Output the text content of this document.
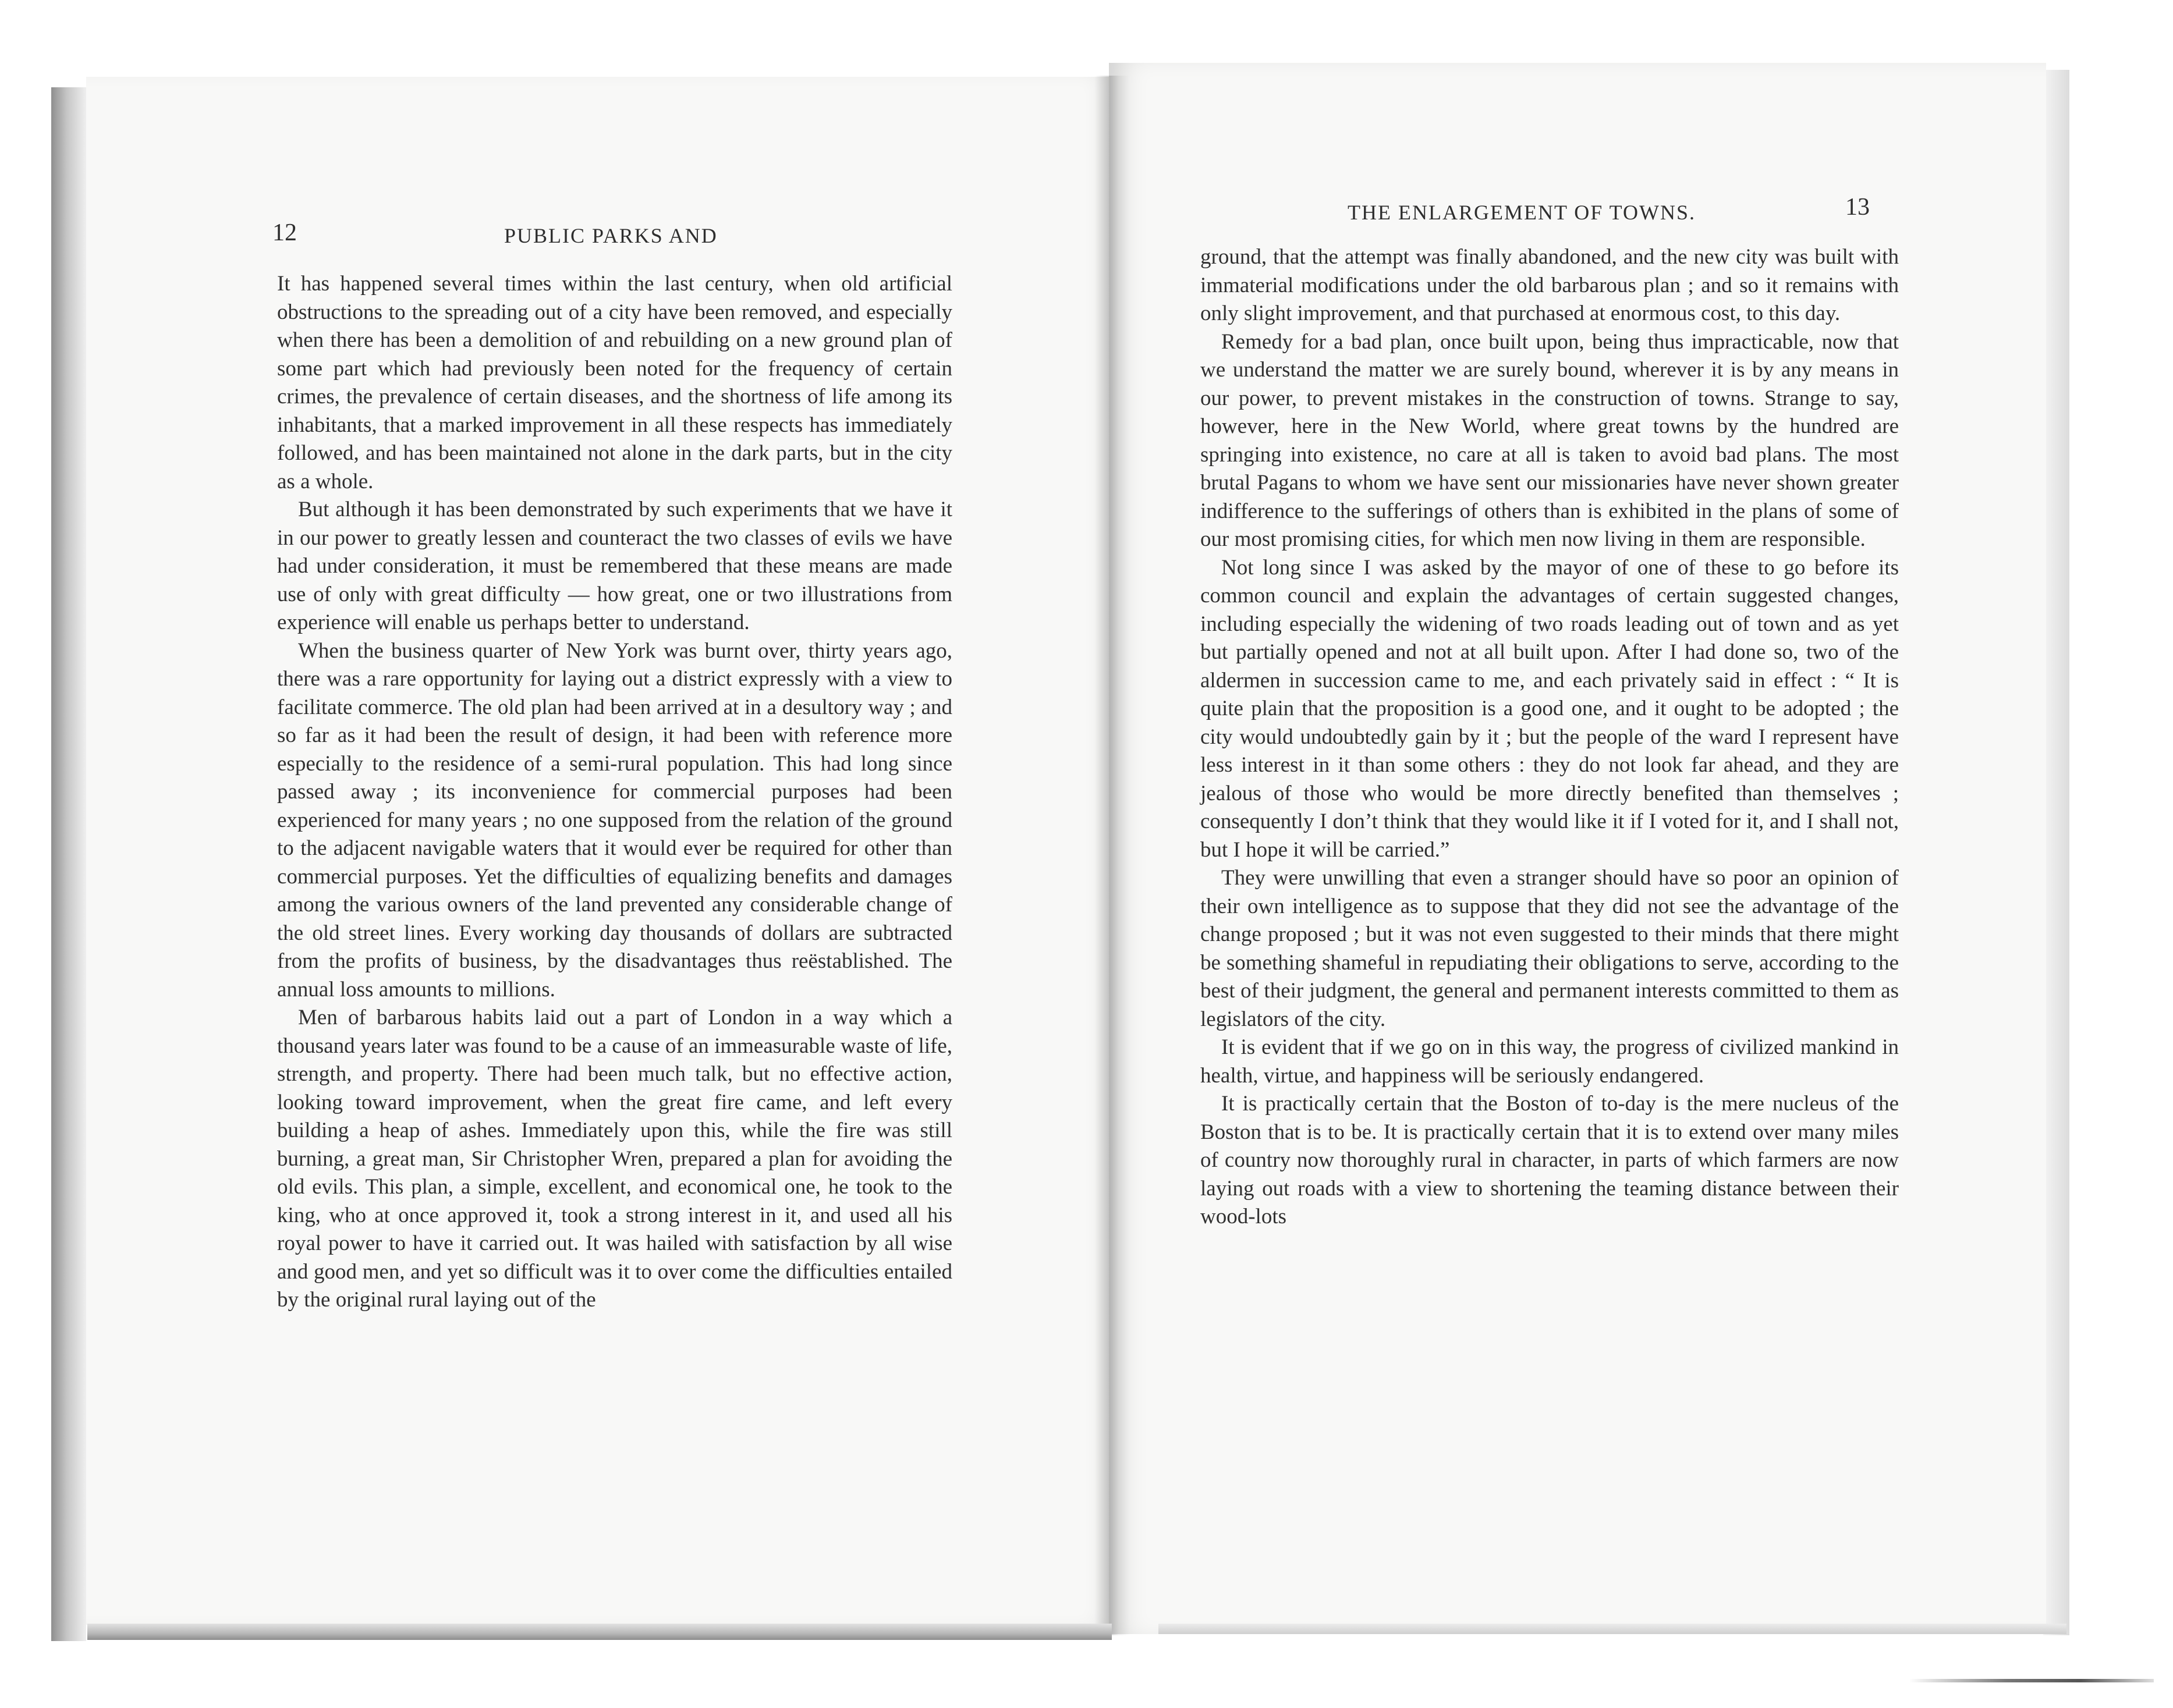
12	PUBLIC PARKS AND

It has happened several times within the last century, when old artificial obstructions to the spreading out of a city have been removed, and especially when there has been a demolition of and rebuilding on a new ground plan of some part which had previously been noted for the frequency of certain crimes, the prevalence of certain diseases, and the shortness of life among its inhabitants, that a marked improvement in all these respects has immediately followed, and has been maintained not alone in the dark parts, but in the city as a whole.

But although it has been demonstrated by such experiments that we have it in our power to greatly lessen and counteract the two classes of evils we have had under consideration, it must be remembered that these means are made use of only with great difficulty — how great, one or two illustrations from experience will enable us perhaps better to understand.

When the business quarter of New York was burnt over, thirty years ago, there was a rare opportunity for laying out a district expressly with a view to facilitate commerce. The old plan had been arrived at in a desultory way ; and so far as it had been the result of design, it had been with reference more especially to the residence of a semi-rural population. This had long since passed away ; its inconvenience for commercial purposes had been experienced for many years ; no one supposed from the relation of the ground to the adjacent navigable waters that it would ever be required for other than commercial purposes. Yet the difficulties of equalizing benefits and damages among the various owners of the land prevented any considerable change of the old street lines. Every working day thousands of dollars are subtracted from the profits of business, by the disadvantages thus reëstablished. The annual loss amounts to millions.

Men of barbarous habits laid out a part of London in a way which a thousand years later was found to be a cause of an immeasurable waste of life, strength, and property. There had been much talk, but no effective action, looking toward improvement, when the great fire came, and left every building a heap of ashes. Immediately upon this, while the fire was still burning, a great man, Sir Christopher Wren, prepared a plan for avoiding the old evils. This plan, a simple, excellent, and economical one, he took to the king, who at once approved it, took a strong interest in it, and used all his royal power to have it carried out. It was hailed with satisfaction by all wise and good men, and yet so difficult was it to over come the difficulties entailed by the original rural laying out of the

THE ENLARGEMENT OF TOWNS.	13

ground, that the attempt was finally abandoned, and the new city was built with immaterial modifications under the old barbarous plan ; and so it remains with only slight improvement, and that purchased at enormous cost, to this day.

Remedy for a bad plan, once built upon, being thus impracticable, now that we understand the matter we are surely bound, wherever it is by any means in our power, to prevent mistakes in the construction of towns. Strange to say, however, here in the New World, where great towns by the hundred are springing into existence, no care at all is taken to avoid bad plans. The most brutal Pagans to whom we have sent our missionaries have never shown greater indifference to the sufferings of others than is exhibited in the plans of some of our most promising cities, for which men now living in them are responsible.

Not long since I was asked by the mayor of one of these to go before its common council and explain the advantages of certain suggested changes, including especially the widening of two roads leading out of town and as yet but partially opened and not at all built upon. After I had done so, two of the aldermen in succession came to me, and each privately said in effect : “ It is quite plain that the proposition is a good one, and it ought to be adopted ; the city would undoubtedly gain by it ; but the people of the ward I represent have less interest in it than some others : they do not look far ahead, and they are jealous of those who would be more directly benefited than themselves ; consequently I don’t think that they would like it if I voted for it, and I shall not, but I hope it will be carried.”

They were unwilling that even a stranger should have so poor an opinion of their own intelligence as to suppose that they did not see the advantage of the change proposed ; but it was not even suggested to their minds that there might be something shameful in repudiating their obligations to serve, according to the best of their judgment, the general and permanent interests committed to them as legislators of the city.

It is evident that if we go on in this way, the progress of civilized mankind in health, virtue, and happiness will be seriously endangered.

It is practically certain that the Boston of to-day is the mere nucleus of the Boston that is to be. It is practically certain that it is to extend over many miles of country now thoroughly rural in character, in parts of which farmers are now laying out roads with a view to shortening the teaming distance between their wood-lots
